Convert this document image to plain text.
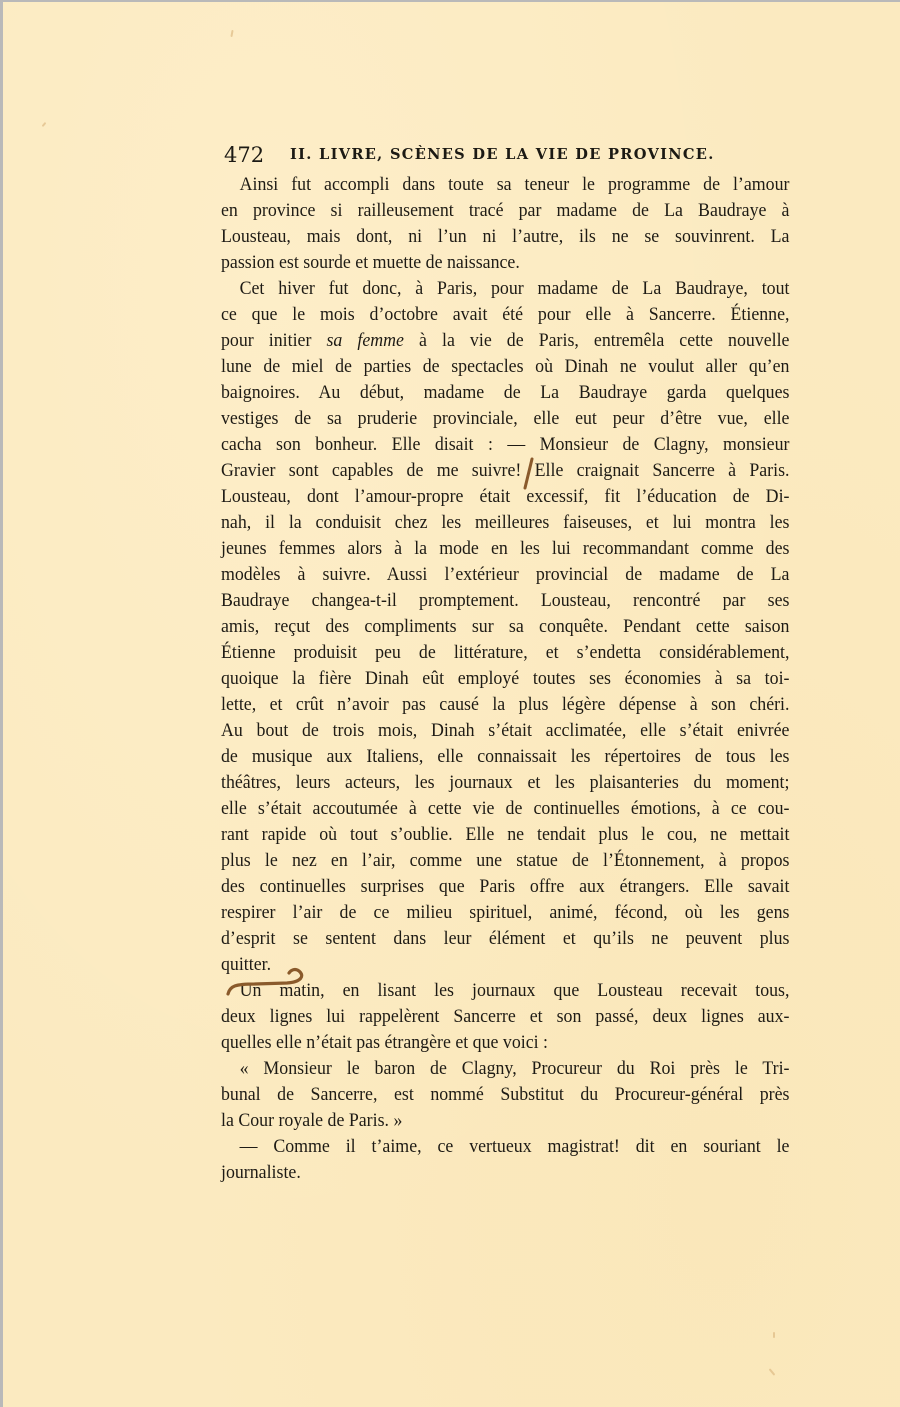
472 II. LIVRE, SCÈNES DE LA VIE DE PROVINCE.
Ainsi fut accompli dans toute sa teneur le programme de l’amour
en province si railleusement tracé par madame de La Baudraye à
Lousteau, mais dont, ni l’un ni l’autre, ils ne se souvinrent. La
passion est sourde et muette de naissance.
Cet hiver fut donc, à Paris, pour madame de La Baudraye, tout
ce que le mois d’octobre avait été pour elle à Sancerre. Étienne,
pour initier sa femme à la vie de Paris, entremêla cette nouvelle
lune de miel de parties de spectacles où Dinah ne voulut aller qu’en
baignoires. Au début, madame de La Baudraye garda quelques
vestiges de sa pruderie provinciale, elle eut peur d’être vue, elle
cacha son bonheur. Elle disait : — Monsieur de Clagny, monsieur
Gravier sont capables de me suivre! Elle craignait Sancerre à Paris.
Lousteau, dont l’amour-propre était excessif, fit l’éducation de Di-
nah, il la conduisit chez les meilleures faiseuses, et lui montra les
jeunes femmes alors à la mode en les lui recommandant comme des
modèles à suivre. Aussi l’extérieur provincial de madame de La
Baudraye changea-t-il promptement. Lousteau, rencontré par ses
amis, reçut des compliments sur sa conquête. Pendant cette saison
Étienne produisit peu de littérature, et s’endetta considérablement,
quoique la fière Dinah eût employé toutes ses économies à sa toi-
lette, et crût n’avoir pas causé la plus légère dépense à son chéri.
Au bout de trois mois, Dinah s’était acclimatée, elle s’était enivrée
de musique aux Italiens, elle connaissait les répertoires de tous les
théâtres, leurs acteurs, les journaux et les plaisanteries du moment;
elle s’était accoutumée à cette vie de continuelles émotions, à ce cou-
rant rapide où tout s’oublie. Elle ne tendait plus le cou, ne mettait
plus le nez en l’air, comme une statue de l’Étonnement, à propos
des continuelles surprises que Paris offre aux étrangers. Elle savait
respirer l’air de ce milieu spirituel, animé, fécond, où les gens
d’esprit se sentent dans leur élément et qu’ils ne peuvent plus
quitter.
Un matin, en lisant les journaux que Lousteau recevait tous,
deux lignes lui rappelèrent Sancerre et son passé, deux lignes aux-
quelles elle n’était pas étrangère et que voici :
« Monsieur le baron de Clagny, Procureur du Roi près le Tri-
bunal de Sancerre, est nommé Substitut du Procureur-général près
la Cour royale de Paris. »
— Comme il t’aime, ce vertueux magistrat! dit en souriant le
journaliste.
